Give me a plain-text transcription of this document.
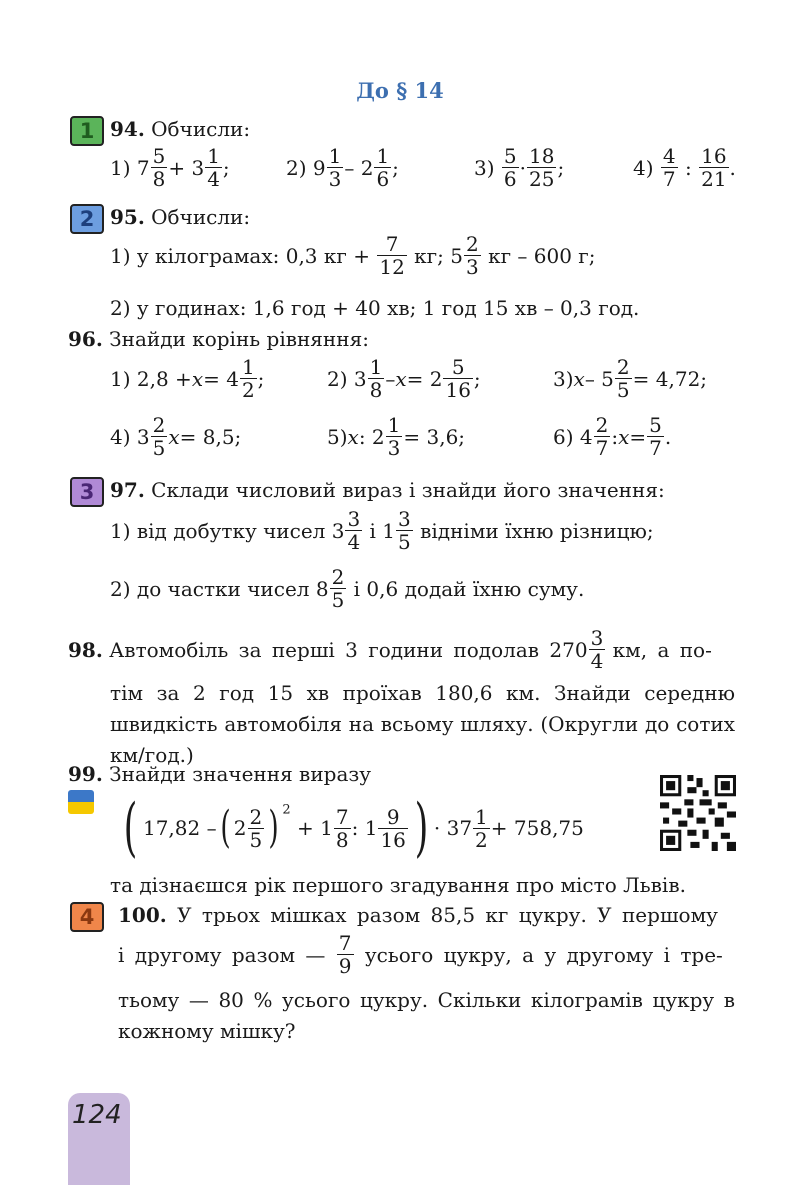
До § 14
1 94. Обчисли:
1) $7 \frac{5}{8} + 3 \frac{1}{4}$ ;	2) $9 \frac{1}{3} - 2 \frac{1}{6}$ ;	$3) \frac{5}{6} \cdot \frac{18}{25}$ ;	$4) \frac{4}{7}$ : $\frac{16}{21}$ .
2 95. Обчисли:
1) у кілограмах: 0,3 кг + $\frac{7}{12}$ кг; $5 \frac{2}{3}$ кг – 600 г;
2) у годинах: 1,6 год + 40 хв; 1 год 15 хв – 0,3 год.
96. Знайди корінь рівняння:
1) $2,8 +x= 4 \frac{1}{2}$ ;	2) $3 \frac{1}{8} -x= 2 \frac{5}{16}$ ;	3)x– $5 \frac{2}{5} = 4,72$;
4) $3 \frac{2}{5} x= 8,5$;	5)x: $2 \frac{1}{3} = 3,6$;	6) $4 \frac{2}{7}$ :x= $\frac{5}{7}$ .
3 97. Склади числовий вираз і знайди його значення:
1) від добутку чисел $3 \frac{3}{4}$ і $1 \frac{3}{5}$ відніми їхню різницю;
2) до частки чисел $8 \frac{2}{5}$ і 0,6 додай їхню суму.
98. Автомобіль за перші 3 години подолав $270 \frac{3}{4}$ км, а по-
тім за 2 год 15 хв проїхав 180,6 км. Знайди середню швидкість автомобіля на всьому шляху. (Округли до сотих км/год.)
99. Знайди значення виразу
( 17,82 –( $2 \frac{2}{5}$ ) $^2 + 1 \frac{7}{8}$ : $1 \frac{9}{16}$ ) · $37 \frac{1}{2} + 758,75$
та дізнаєшся рік першого згадування про місто Львів.
4	100. У трьох мішках разом 85,5 кг цукру. У першому
і другому разом — $\frac{7}{9}$ усього цукру, а у другому і тре-
тьому — 80 % усього цукру. Скільки кілограмів цукру в кожному мішку?
124
